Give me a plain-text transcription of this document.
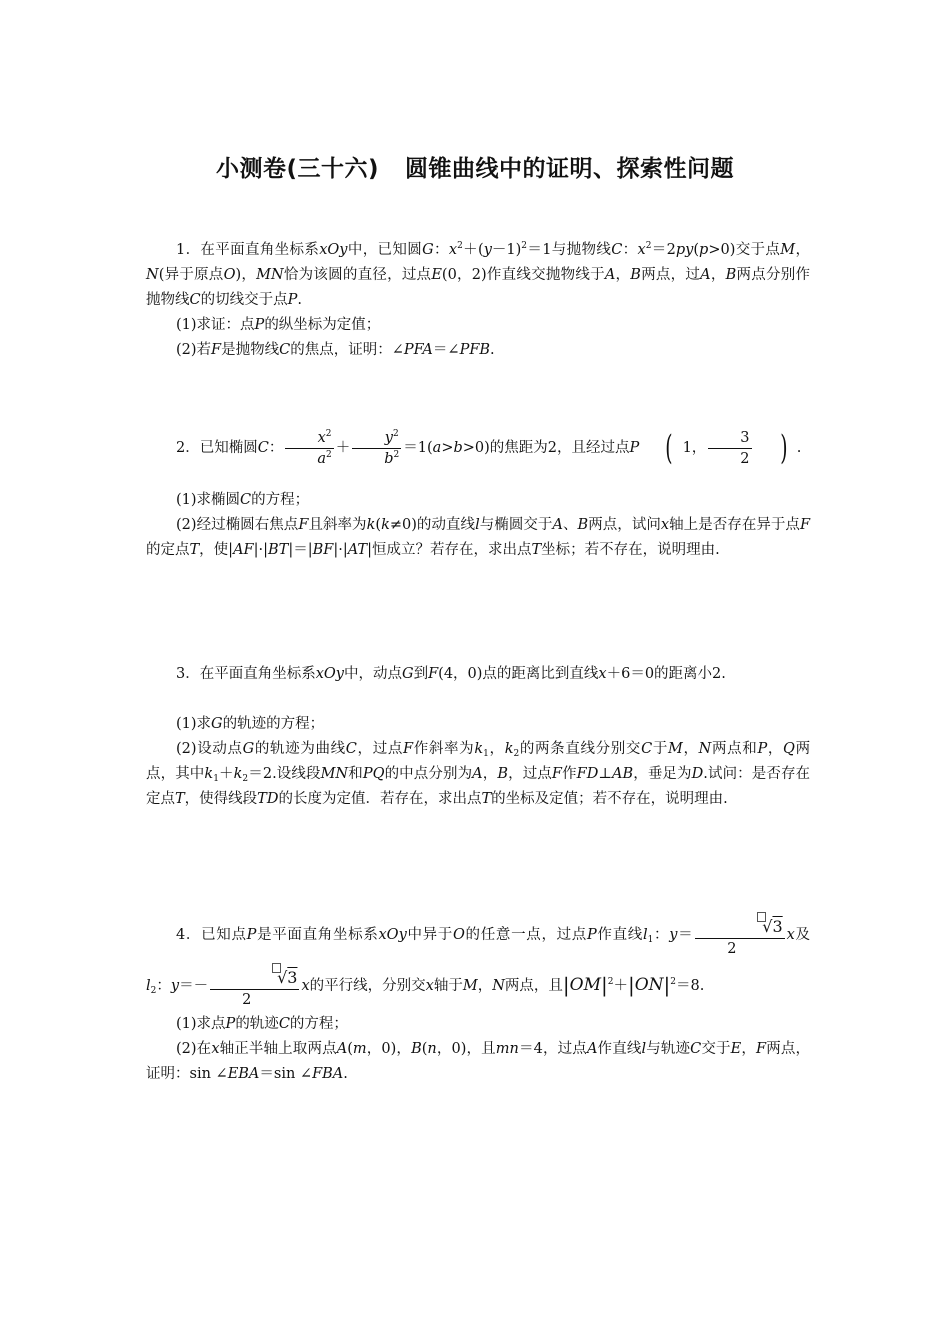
小测卷(三十六) 圆锥曲线中的证明、探索性问题

1．在平面直角坐标系xOy中，已知圆G：$x^2+(y-1)^2=1$与抛物线C：$x^2=2py(p>0)$交于点M，N(异于原点O)，MN恰为该圆的直径，过点E(0，2)作直线交抛物线于A，B两点，过A，B两点分别作抛物线C的切线交于点P.

(1)求证：点P的纵坐标为定值；

(2)若F是抛物线C的焦点，证明：∠PFA＝∠PFB.

2．已知椭圆C： $\frac{x^2}{a^2} + \frac{y^2}{b^2} =1(a>b>0)$的焦距为2，且经过点P ( 1， $\frac{3}{2}$ ) .

(1)求椭圆C的方程；

(2)经过椭圆右焦点F且斜率为k(k≠0)的动直线l与椭圆交于A、B两点，试问x轴上是否存在异于点F的定点T，使|AF|·|BT|＝|BF|·|AT|恒成立？若存在，求出点T坐标；若不存在，说明理由.

3．在平面直角坐标系xOy中，动点G到F(4，0)点的距离比到直线x＋6＝0的距离小2.

(1)求G的轨迹的方程；

(2)设动点G的轨迹为曲线C，过点F作斜率为$k_1$，$k_2$的两条直线分别交C于M，N两点和P，Q两点，其中$k_1+k_2=2$.设线段MN和PQ的中点分别为A，B，过点F作FD⊥AB，垂足为D.试问：是否存在定点T，使得线段TD的长度为定值．若存在，求出点T的坐标及定值；若不存在，说明理由.

4．已知点P是平面直角坐标系xOy中异于O的任意一点，过点P作直线$l_1$：$y= \frac{√3}{2}$ x及$l_2$：$y=- \frac{√3}{2}$ x的平行线，分别交x轴于M，N两点，且$|OM|^2+|ON|^2=8$.

(1)求点P的轨迹C的方程；

(2)在x轴正半轴上取两点A(m，0)，B(n，0)，且mn＝4，过点A作直线l与轨迹C交于E，F两点，证明：sin ∠EBA＝sin ∠FBA.
